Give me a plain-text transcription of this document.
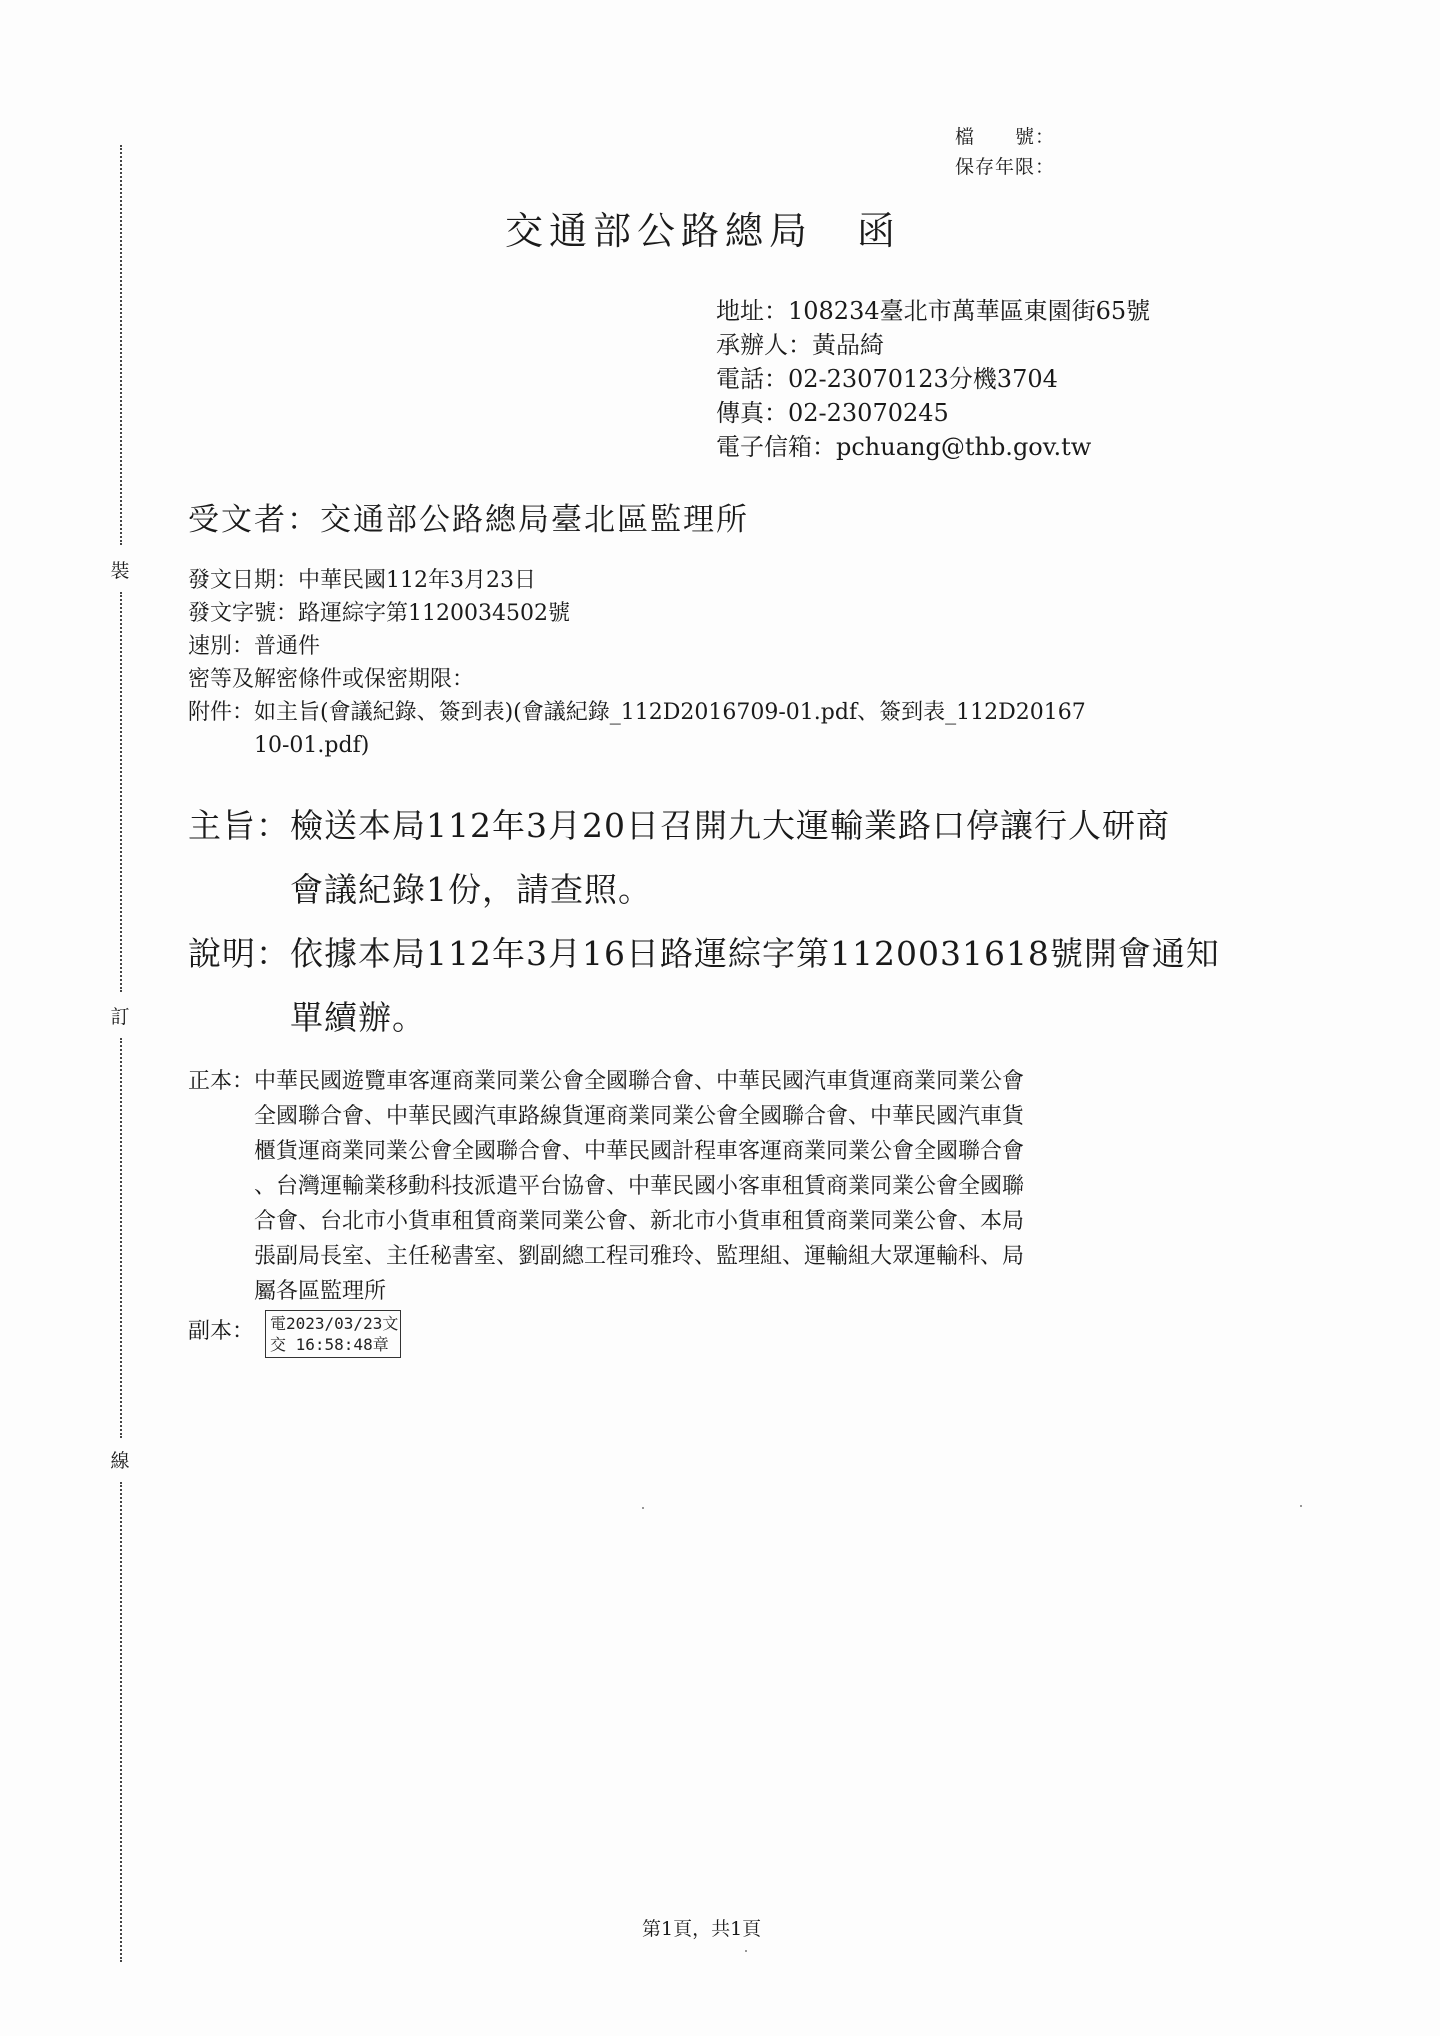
裝
訂
線
檔　　號：
保存年限：
交通部公路總局　函
地址：108234臺北市萬華區東園街65號
承辦人：黃品綺
電話：02-23070123分機3704
傳真：02-23070245
電子信箱：pchuang@thb.gov.tw
受文者：交通部公路總局臺北區監理所
發文日期：中華民國112年3月23日
發文字號：路運綜字第1120034502號
速別：普通件
密等及解密條件或保密期限：
附件：如主旨(會議紀錄、簽到表)(會議紀錄_112D2016709-01.pdf、簽到表_112D20167
10-01.pdf)
主旨：檢送本局112年3月20日召開九大運輸業路口停讓行人研商
會議紀錄1份，請查照。
說明：依據本局112年3月16日路運綜字第1120031618號開會通知
單續辦。
正本： 中華民國遊覽車客運商業同業公會全國聯合會、中華民國汽車貨運商業同業公會
全國聯合會、中華民國汽車路線貨運商業同業公會全國聯合會、中華民國汽車貨
櫃貨運商業同業公會全國聯合會、中華民國計程車客運商業同業公會全國聯合會
、台灣運輸業移動科技派遣平台協會、中華民國小客車租賃商業同業公會全國聯
合會、台北市小貨車租賃商業同業公會、新北市小貨車租賃商業同業公會、本局
張副局長室、主任秘書室、劉副總工程司雅玲、監理組、運輸組大眾運輸科、局
屬各區監理所
副本： 電2023/03/23文
交 16:58:48章
第1頁，共1頁
